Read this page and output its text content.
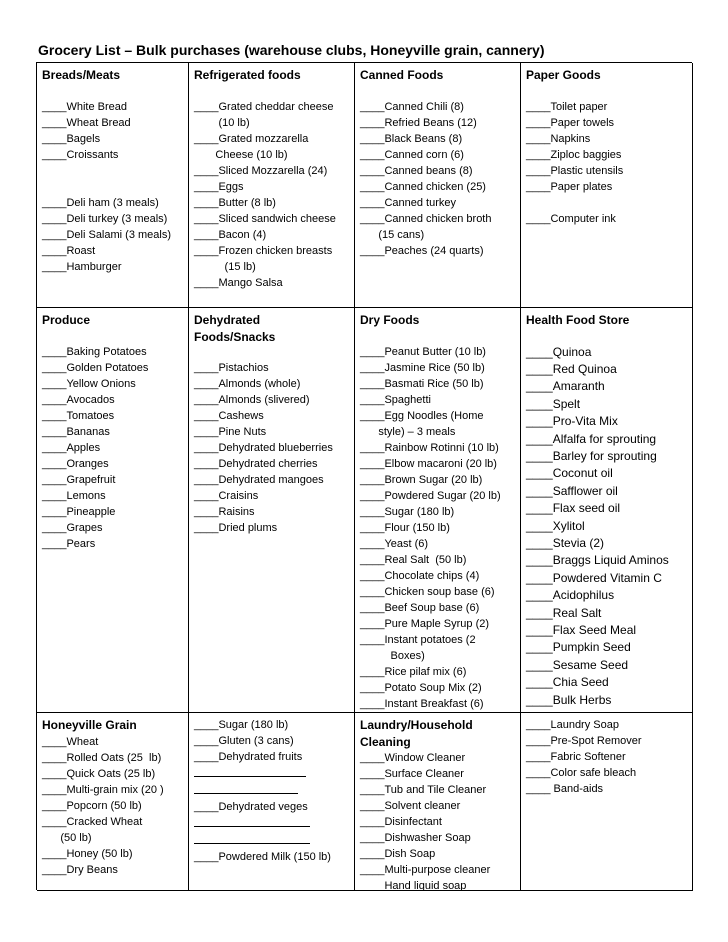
Grocery List – Bulk purchases (warehouse clubs, Honeyville grain, cannery)
Breads/Meats
____White Bread
____Wheat Bread
____Bagels
____Croissants
____Deli ham (3 meals)
____Deli turkey (3 meals)
____Deli Salami (3 meals)
____Roast
____Hamburger
Refrigerated foods
____Grated cheddar cheese
(10 lb)
____Grated mozzarella
Cheese (10 lb)
____Sliced Mozzarella (24)
____Eggs
____Butter (8 lb)
____Sliced sandwich cheese
____Bacon (4)
____Frozen chicken breasts
(15 lb)
____Mango Salsa
Canned Foods
____Canned Chili (8)
____Refried Beans (12)
____Black Beans (8)
____Canned corn (6)
____Canned beans (8)
____Canned chicken (25)
____Canned turkey
____Canned chicken broth
(15 cans)
____Peaches (24 quarts)
Paper Goods
____Toilet paper
____Paper towels
____Napkins
____Ziploc baggies
____Plastic utensils
____Paper plates
____Computer ink
Produce
____Baking Potatoes
____Golden Potatoes
____Yellow Onions
____Avocados
____Tomatoes
____Bananas
____Apples
____Oranges
____Grapefruit
____Lemons
____Pineapple
____Grapes
____Pears
Dehydrated
Foods/Snacks
____Pistachios
____Almonds (whole)
____Almonds (slivered)
____Cashews
____Pine Nuts
____Dehydrated blueberries
____Dehydrated cherries
____Dehydrated mangoes
____Craisins
____Raisins
____Dried plums
Dry Foods
____Peanut Butter (10 lb)
____Jasmine Rice (50 lb)
____Basmati Rice (50 lb)
____Spaghetti
____Egg Noodles (Home
style) – 3 meals
____Rainbow Rotinni (10 lb)
____Elbow macaroni (20 lb)
____Brown Sugar (20 lb)
____Powdered Sugar (20 lb)
____Sugar (180 lb)
____Flour (150 lb)
____Yeast (6)
____Real Salt  (50 lb)
____Chocolate chips (4)
____Chicken soup base (6)
____Beef Soup base (6)
____Pure Maple Syrup (2)
____Instant potatoes (2
Boxes)
____Rice pilaf mix (6)
____Potato Soup Mix (2)
____Instant Breakfast (6)
Health Food Store
____Quinoa
____Red Quinoa
____Amaranth
____Spelt
____Pro-Vita Mix
____Alfalfa for sprouting
____Barley for sprouting
____Coconut oil
____Safflower oil
____Flax seed oil
____Xylitol
____Stevia (2)
____Braggs Liquid Aminos
____Powdered Vitamin C
____Acidophilus
____Real Salt
____Flax Seed Meal
____Pumpkin Seed
____Sesame Seed
____Chia Seed
____Bulk Herbs
Honeyville Grain
____Wheat
____Rolled Oats (25  lb)
____Quick Oats (25 lb)
____Multi-grain mix (20 )
____Popcorn (50 lb)
____Cracked Wheat
(50 lb)
____Honey (50 lb)
____Dry Beans
____Sugar (180 lb)
____Gluten (3 cans)
____Dehydrated fruits
____Dehydrated veges
____Powdered Milk (150 lb)
Laundry/Household
Cleaning
____Window Cleaner
____Surface Cleaner
____Tub and Tile Cleaner
____Solvent cleaner
____Disinfectant
____Dishwasher Soap
____Dish Soap
____Multi-purpose cleaner
____Hand liquid soap
____Laundry Soap
____Pre-Spot Remover
____Fabric Softener
____Color safe bleach
____ Band-aids
